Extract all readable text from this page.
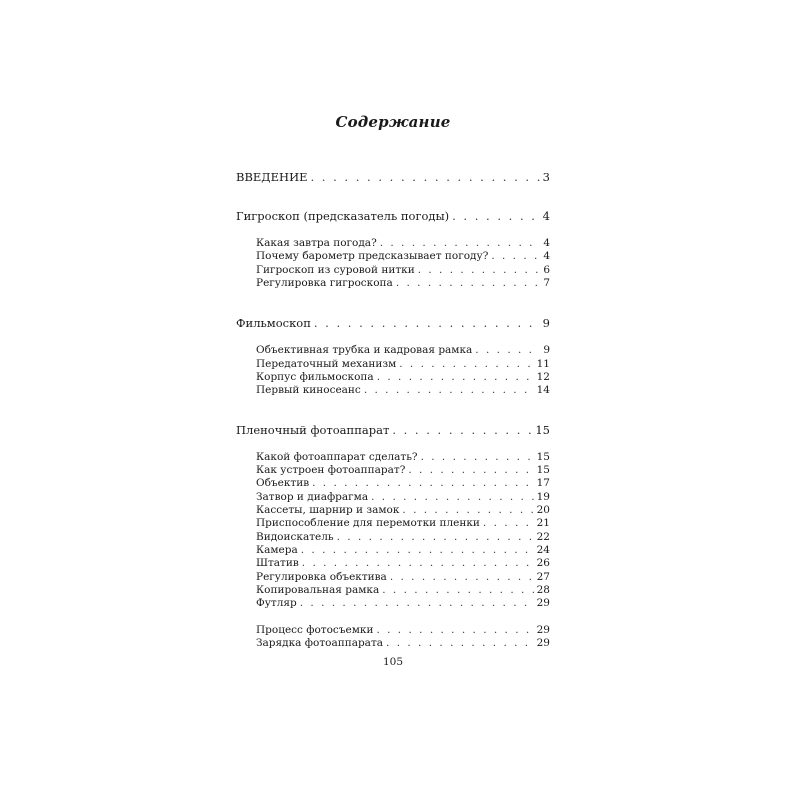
Содержание
ВВЕДЕНИЕ . . .	3
Гигроскоп (предсказатель погоды) . . .	4
Какая завтра погода? . . .	4
Почему барометр предсказывает погоду? . . .	4
Гигроскоп из суровой нитки . . .	6
Регулировка гигроскопа . . .	7
Фильмоскоп . . .	9
Объективная трубка и кадровая рамка . . .	9
Передаточный механизм . . .	11
Корпус фильмоскопа . . .	12
Первый киносеанс . . .	14
Пленочный фотоаппарат . . .	15
Какой фотоаппарат сделать? . . .	15
Как устроен фотоаппарат? . . .	15
Объектив . . .	17
Затвор и диафрагма . . .	19
Кассеты, шарнир и замок . . .	20
Приспособление для перемотки пленки . . .	21
Видоискатель . . .	22
Камера . . .	24
Штатив . . .	26
Регулировка объектива . . .	27
Копировальная рамка . . .	28
Футляр . . .	29
Процесс фотосъемки . . .	29
Зарядка фотоаппарата . . .	29
105
